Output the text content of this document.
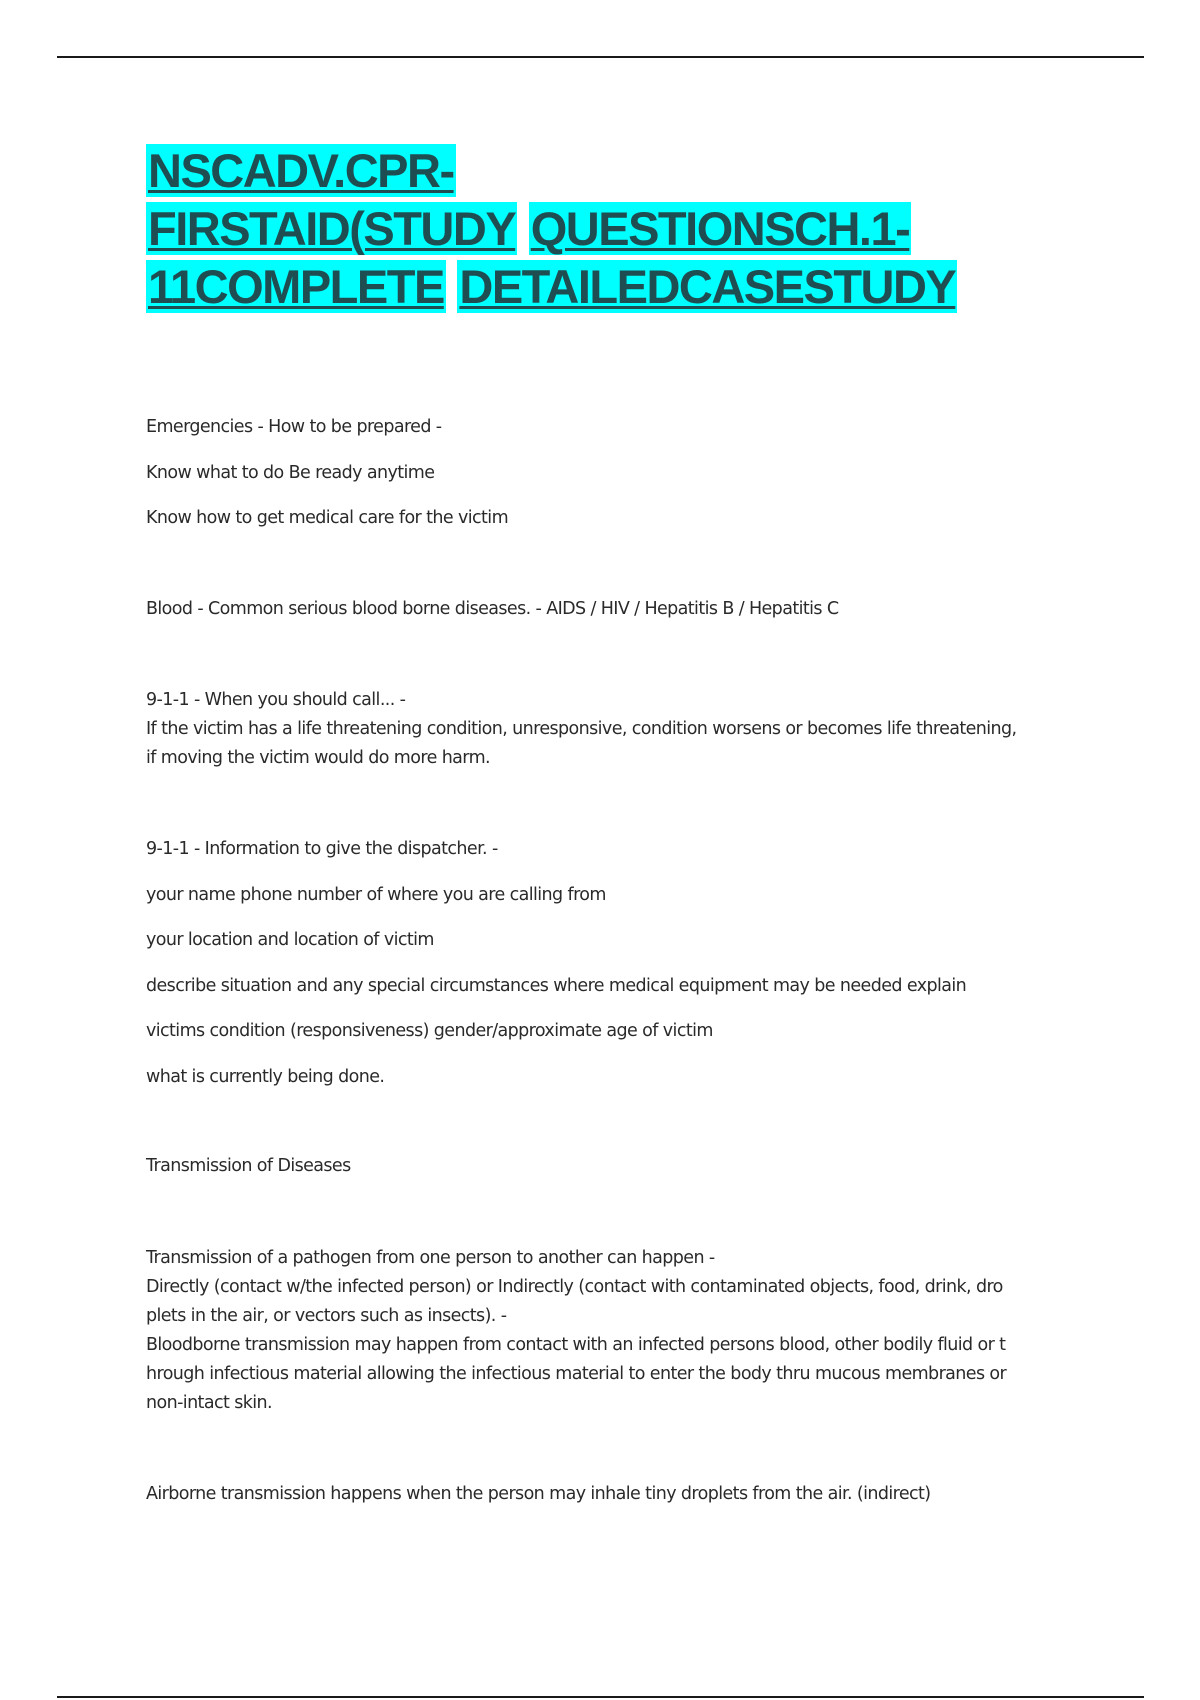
NSCADV.CPR-
FIRSTAID(STUDY QUESTIONSCH.1-
11COMPLETE DETAILEDCASESTUDY

Emergencies - How to be prepared -

Know what to do Be ready anytime

Know how to get medical care for the victim

Blood - Common serious blood borne diseases. - AIDS / HIV / Hepatitis B / Hepatitis C

9-1-1 - When you should call... -

If the victim has a life threatening condition, unresponsive, condition worsens or becomes life threatening,

if moving the victim would do more harm.

9-1-1 - Information to give the dispatcher. -

your name phone number of where you are calling from

your location and location of victim

describe situation and any special circumstances where medical equipment may be needed explain

victims condition (responsiveness) gender/approximate age of victim

what is currently being done.

Transmission of Diseases

Transmission of a pathogen from one person to another can happen -

Directly (contact w/the infected person) or Indirectly (contact with contaminated objects, food, drink, dro

plets in the air, or vectors such as insects). -

Bloodborne transmission may happen from contact with an infected persons blood, other bodily fluid or t

hrough infectious material allowing the infectious material to enter the body thru mucous membranes or

non-intact skin.

Airborne transmission happens when the person may inhale tiny droplets from the air. (indirect)
